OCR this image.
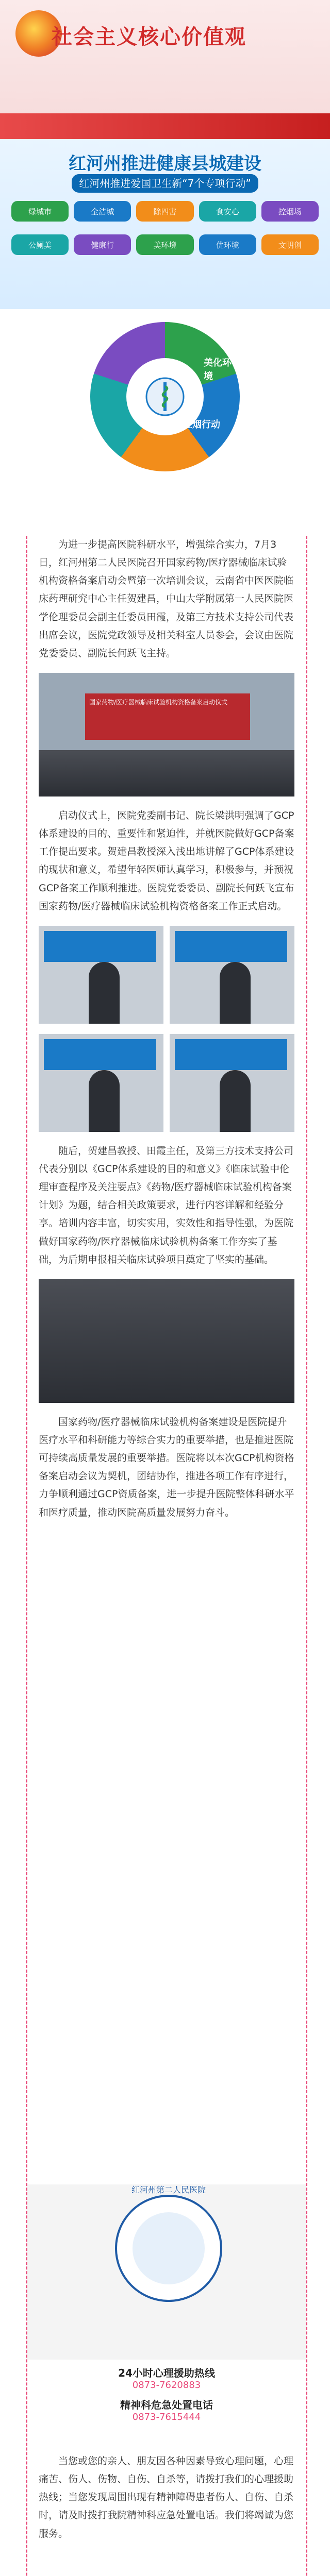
社会主义核心价值观
红河州推进健康县城建设
红河州推进爱国卫生新“7个专项行动”
绿城市	全洁城	除四害	食安心	控烟场
公厕美	健康行	美环境	优环境	文明创
美化环境	健康行为
食品安全
作风卫生
控烟行动

为进一步提高医院科研水平，增强综合实力，7月3日，红河州第二人民医院召开国家药物/医疗器械临床试验机构资格备案启动会暨第一次培训会议，云南省中医医院临床药理研究中心主任贺建昌，中山大学附属第一人民医院医学伦理委员会副主任委员田霞，及第三方技术支持公司代表出席会议，医院党政领导及相关科室人员参会，会议由医院党委委员、副院长何跃飞主持。

国家药物/医疗器械临床试验机构资格备案启动仪式

启动仪式上，医院党委副书记、院长梁洪明强调了GCP体系建设的目的、重要性和紧迫性，并就医院做好GCP备案工作提出要求。贺建昌教授深入浅出地讲解了GCP体系建设的现状和意义，希望年轻医师认真学习，积极参与，并预祝GCP备案工作顺利推进。医院党委委员、副院长何跃飞宣布国家药物/医疗器械临床试验机构资格备案工作正式启动。

随后，贺建昌教授、田霞主任，及第三方技术支持公司代表分别以《GCP体系建设的目的和意义》《临床试验中伦理审查程序及关注要点》《药物/医疗器械临床试验机构备案计划》为题，结合相关政策要求，进行内容详解和经验分享。培训内容丰富，切实实用，实效性和指导性强，为医院做好国家药物/医疗器械临床试验机构备案工作夯实了基础，为后期申报相关临床试验项目奠定了坚实的基础。

国家药物/医疗器械临床试验机构备案建设是医院提升医疗水平和科研能力等综合实力的重要举措，也是推进医院可持续高质量发展的重要举措。医院将以本次GCP机构资格备案启动会议为契机，团结协作，推进各项工作有序进行，力争顺利通过GCP资质备案，进一步提升医院整体科研水平和医疗质量，推动医院高质量发展努力奋斗。

红河州第二人民医院
24小时心理援助热线
0873-7620883
精神科危急处置电话
0873-7615444

当您或您的亲人、朋友因各种因素导致心理问题，心理痛苦、伤人、伤物、自伤、自杀等，请拨打我们的心理援助热线；当您发现周围出现有精神障碍患者伤人、自伤、自杀时，请及时拨打我院精神科应急处置电话。我们将竭诚为您服务。
